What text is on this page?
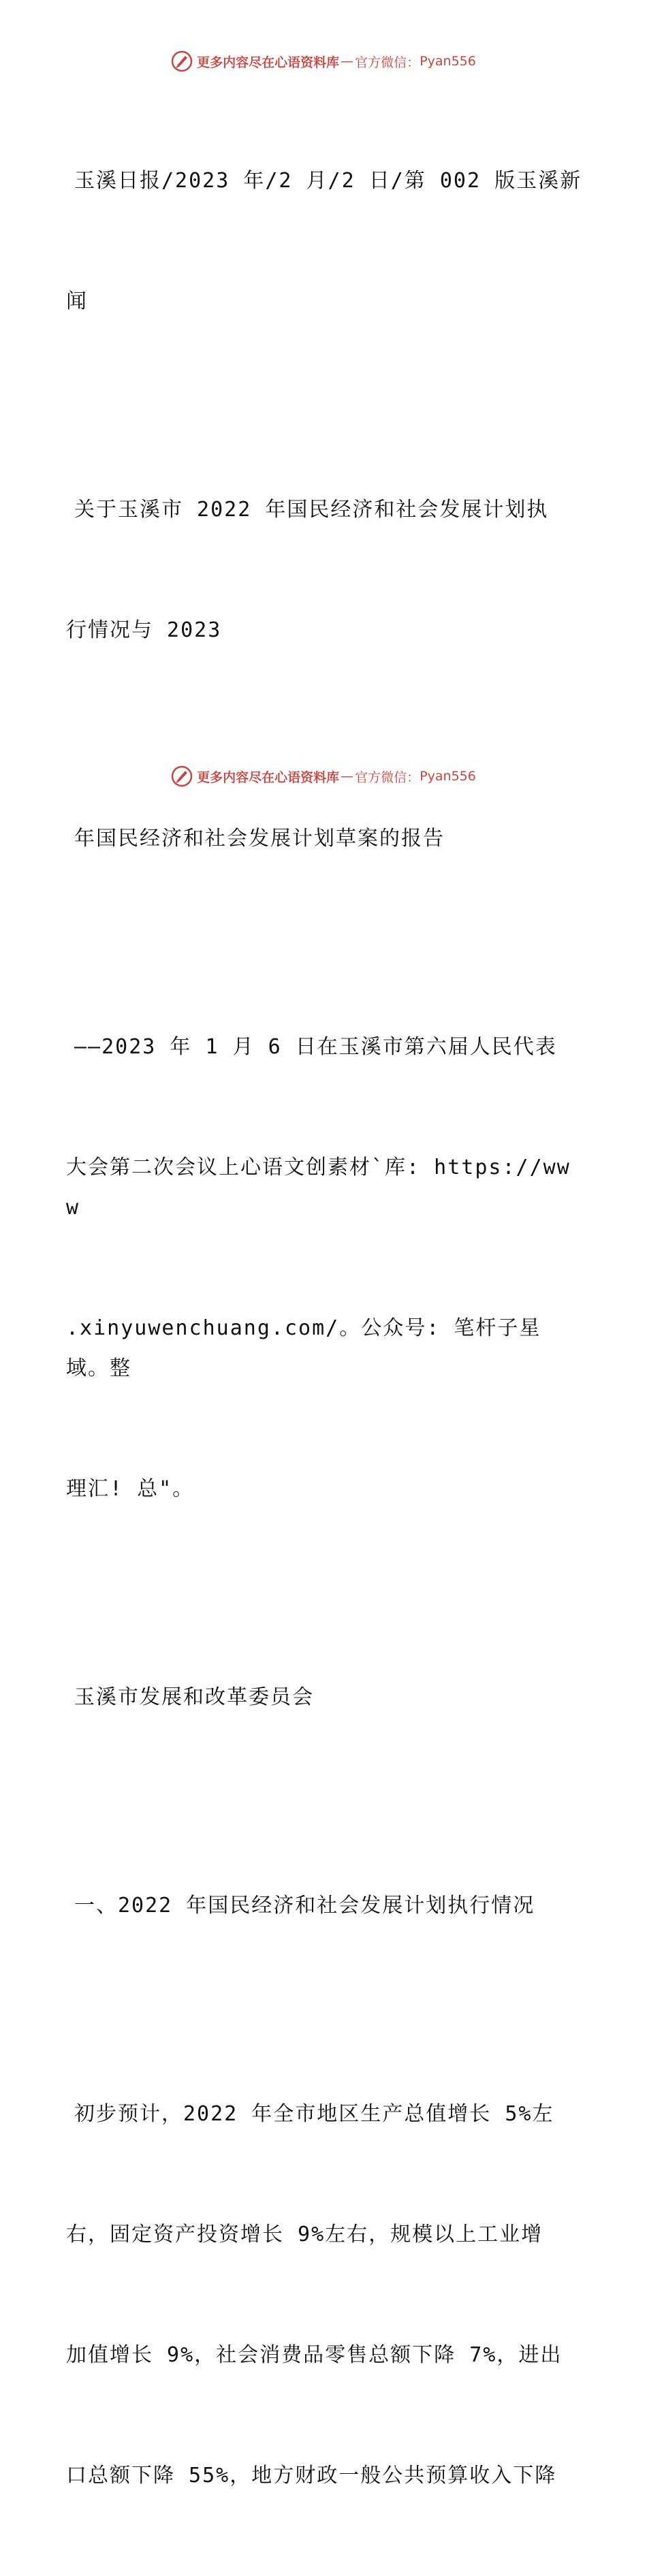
更多内容尽在心语资料库 — 官方微信： Pyan556

玉溪日报/2023 年/2 月/2 日/第 002 版玉溪新

闻

关于玉溪市 2022 年国民经济和社会发展计划执

行情况与 2023

年国民经济和社会发展计划草案的报告

——2023 年 1 月 6 日在玉溪市第六届人民代表

大会第二次会议上心语文创素材`库: https://www

.xinyuwenchuang.com/。公众号: 笔杆子星域。整

理汇! 总"。

玉溪市发展和改革委员会

一、2022 年国民经济和社会发展计划执行情况

初步预计，2022 年全市地区生产总值增长 5%左

右，固定资产投资增长 9%左右，规模以上工业增

加值增长 9%，社会消费品零售总额下降 7%，进出

口总额下降 55%，地方财政一般公共预算收入下降

更多内容尽在心语资料库 — 官方微信： Pyan556
